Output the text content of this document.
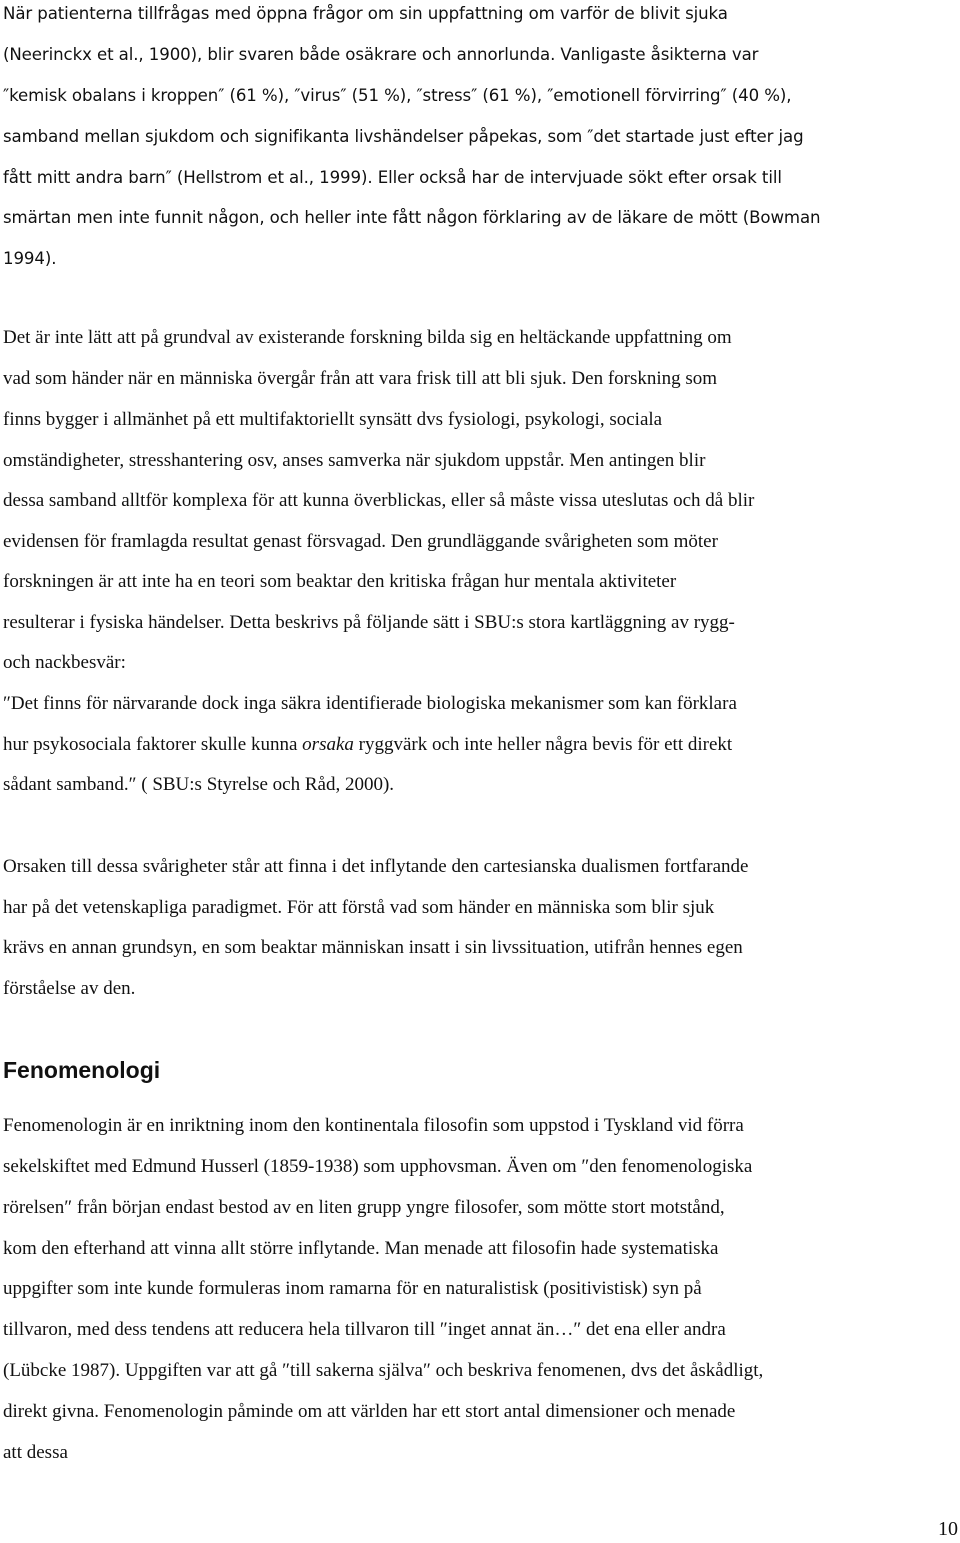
När patienterna tillfrågas med öppna frågor om sin uppfattning om varför de blivit sjuka
(Neerinckx et al., 1900), blir svaren både osäkrare och annorlunda. Vanligaste åsikterna var
″kemisk obalans i kroppen″ (61 %), ″virus″ (51 %), ″stress″ (61 %), ″emotionell förvirring″ (40 %),
samband mellan sjukdom och signifikanta livshändelser påpekas, som ″det startade just efter jag
fått mitt andra barn″ (Hellstrom et al., 1999). Eller också har de intervjuade sökt efter orsak till
smärtan men inte funnit någon, och heller inte fått någon förklaring av de läkare de mött (Bowman
1994).
Det är inte lätt att på grundval av existerande forskning bilda sig en heltäckande uppfattning om
vad som händer när en människa övergår från att vara frisk till att bli sjuk. Den forskning som
finns bygger i allmänhet på ett multifaktoriellt synsätt dvs fysiologi, psykologi, sociala
omständigheter, stresshantering osv, anses samverka när sjukdom uppstår. Men antingen blir
dessa samband alltför komplexa för att kunna överblickas, eller så måste vissa uteslutas och då blir
evidensen för framlagda resultat genast försvagad. Den grundläggande svårigheten som möter
forskningen är att inte ha en teori som beaktar den kritiska frågan hur mentala aktiviteter
resulterar i fysiska händelser. Detta beskrivs på följande sätt i SBU:s stora kartläggning av rygg-
och nackbesvär:
″Det finns för närvarande dock inga säkra identifierade biologiska mekanismer som kan förklara
hur psykosociala faktorer skulle kunna orsaka ryggvärk och inte heller några bevis för ett direkt
sådant samband.″ ( SBU:s Styrelse och Råd, 2000).
Orsaken till dessa svårigheter står att finna i det inflytande den cartesianska dualismen fortfarande
har på det vetenskapliga paradigmet. För att förstå vad som händer en människa som blir sjuk
krävs en annan grundsyn, en som beaktar människan insatt i sin livssituation, utifrån hennes egen
förståelse av den.
Fenomenologi
Fenomenologin är en inriktning inom den kontinentala filosofin som uppstod i Tyskland vid förra
sekelskiftet med Edmund Husserl (1859-1938) som upphovsman. Även om ″den fenomenologiska
rörelsen″ från början endast bestod av en liten grupp yngre filosofer, som mötte stort motstånd,
kom den efterhand att vinna allt större inflytande. Man menade att filosofin hade systematiska
uppgifter som inte kunde formuleras inom ramarna för en naturalistisk (positivistisk) syn på
tillvaron, med dess tendens att reducera hela tillvaron till ″inget annat än…″ det ena eller andra
(Lübcke 1987). Uppgiften var att gå ″till sakerna själva″ och beskriva fenomenen, dvs det åskådligt,
direkt givna. Fenomenologin påminde om att världen har ett stort antal dimensioner och menade
att dessa
10
